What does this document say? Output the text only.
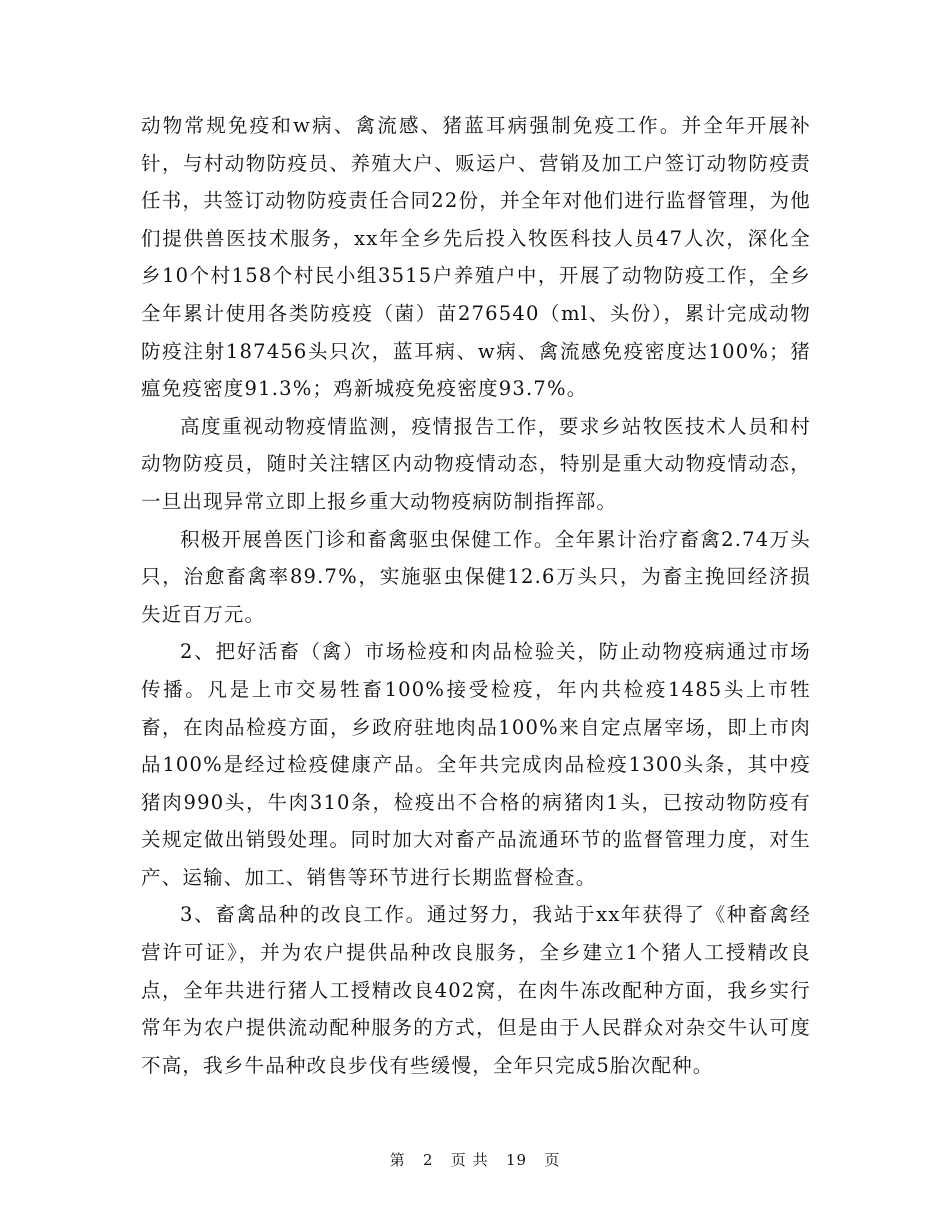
动物常规免疫和w病、禽流感、猪蓝耳病强制免疫工作。并全年开展补针，与村动物防疫员、养殖大户、贩运户、营销及加工户签订动物防疫责任书，共签订动物防疫责任合同22份，并全年对他们进行监督管理，为他们提供兽医技术服务，xx年全乡先后投入牧医科技人员47人次，深化全乡10个村158个村民小组3515户养殖户中，开展了动物防疫工作，全乡全年累计使用各类防疫疫（菌）苗276540（ml、头份），累计完成动物防疫注射187456头只次，蓝耳病、w病、禽流感免疫密度达100%；猪瘟免疫密度91.3%；鸡新城疫免疫密度93.7%。

高度重视动物疫情监测，疫情报告工作，要求乡站牧医技术人员和村动物防疫员，随时关注辖区内动物疫情动态，特别是重大动物疫情动态，一旦出现异常立即上报乡重大动物疫病防制指挥部。

积极开展兽医门诊和畜禽驱虫保健工作。全年累计治疗畜禽2.74万头只，治愈畜禽率89.7%，实施驱虫保健12.6万头只，为畜主挽回经济损失近百万元。

2、把好活畜（禽）市场检疫和肉品检验关，防止动物疫病通过市场传播。凡是上市交易牲畜100%接受检疫，年内共检疫1485头上市牲畜，在肉品检疫方面，乡政府驻地肉品100%来自定点屠宰场，即上市肉品100%是经过检疫健康产品。全年共完成肉品检疫1300头条，其中疫猪肉990头，牛肉310条，检疫出不合格的病猪肉1头，已按动物防疫有关规定做出销毁处理。同时加大对畜产品流通环节的监督管理力度，对生产、运输、加工、销售等环节进行长期监督检查。

3、畜禽品种的改良工作。通过努力，我站于xx年获得了《种畜禽经营许可证》，并为农户提供品种改良服务，全乡建立1个猪人工授精改良点，全年共进行猪人工授精改良402窝，在肉牛冻改配种方面，我乡实行常年为农户提供流动配种服务的方式，但是由于人民群众对杂交牛认可度不高，我乡牛品种改良步伐有些缓慢，全年只完成5胎次配种。

第 2 页 共 19 页
